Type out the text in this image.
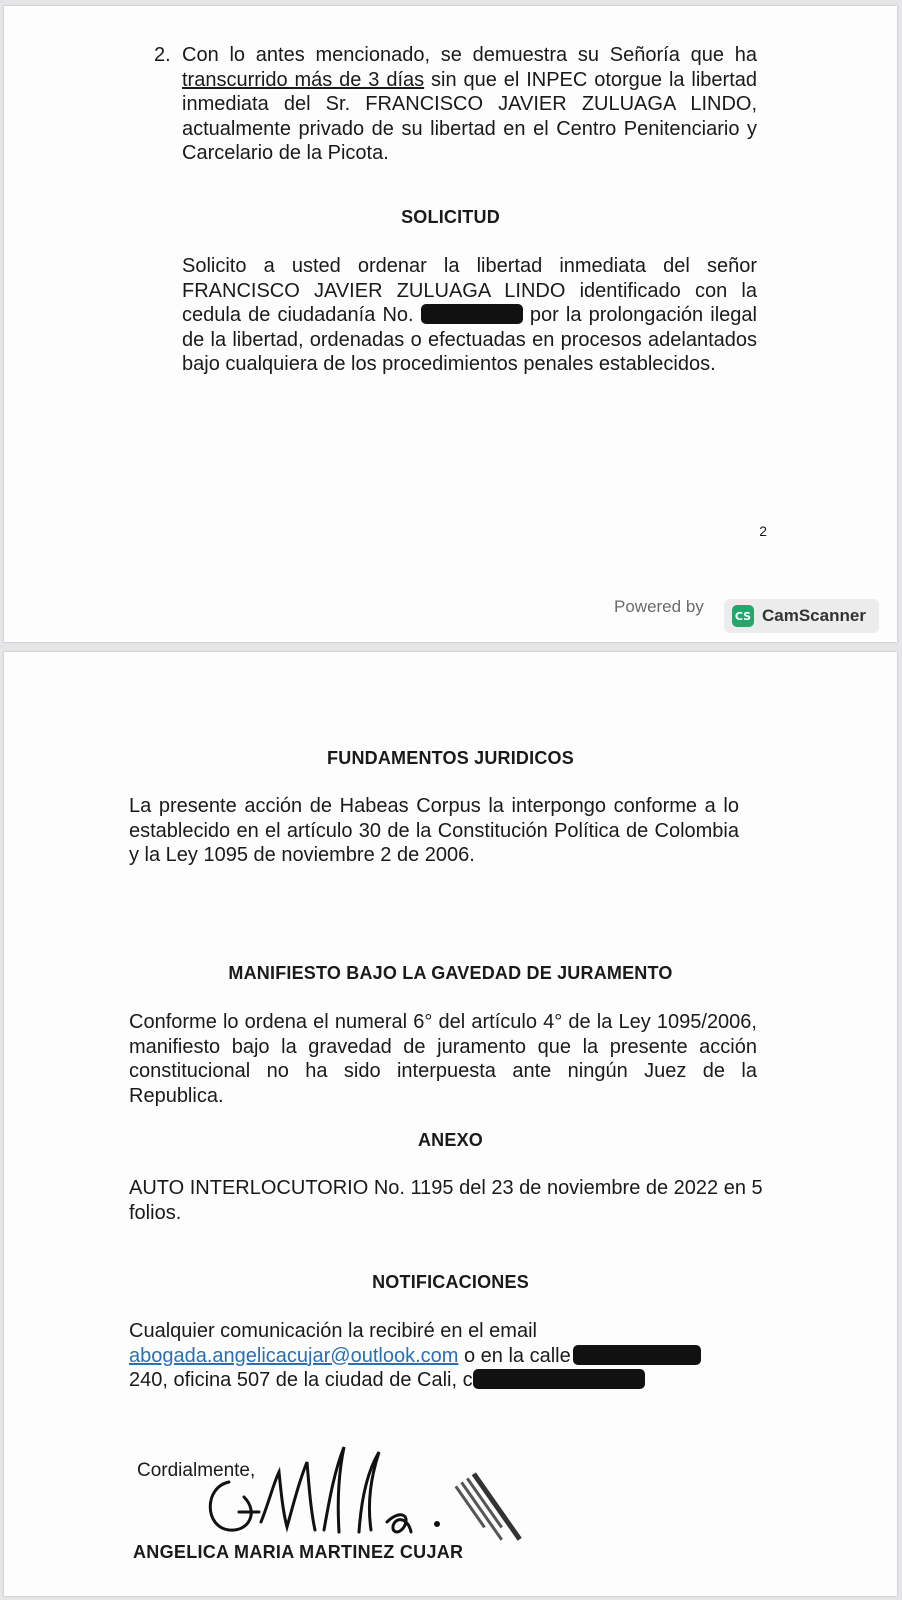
2. Con lo antes mencionado, se demuestra su Señoría que ha transcurrido más de 3 días sin que el INPEC otorgue la libertad inmediata del Sr. FRANCISCO JAVIER ZULUAGA LINDO, actualmente privado de su libertad en el Centro Penitenciario y Carcelario de la Picota.

SOLICITUD

Solicito a usted ordenar la libertad inmediata del señor FRANCISCO JAVIER ZULUAGA LINDO identificado con la cedula de ciudadanía No.	por la prolongación ilegal de la libertad, ordenadas o efectuadas en procesos adelantados bajo cualquiera de los procedimientos penales establecidos.

2
Powered by	CS CamScanner

FUNDAMENTOS JURIDICOS

La presente acción de Habeas Corpus la interpongo conforme a lo establecido en el artículo 30 de la Constitución Política de Colombia y la Ley 1095 de noviembre 2 de 2006.

MANIFIESTO BAJO LA GAVEDAD DE JURAMENTO

Conforme lo ordena el numeral 6° del artículo 4° de la Ley 1095/2006, manifiesto bajo la gravedad de juramento que la presente acción constitucional no ha sido interpuesta ante ningún Juez de la Republica.

ANEXO

AUTO INTERLOCUTORIO No. 1195 del 23 de noviembre de 2022 en 5 folios.

NOTIFICACIONES

Cualquier comunicación la recibiré en el email
abogada.angelicacujar@outlook.com o en la calle
240, oficina 507 de la ciudad de Cali, c
Cordialmente,
ANGELICA MARIA MARTINEZ CUJAR
